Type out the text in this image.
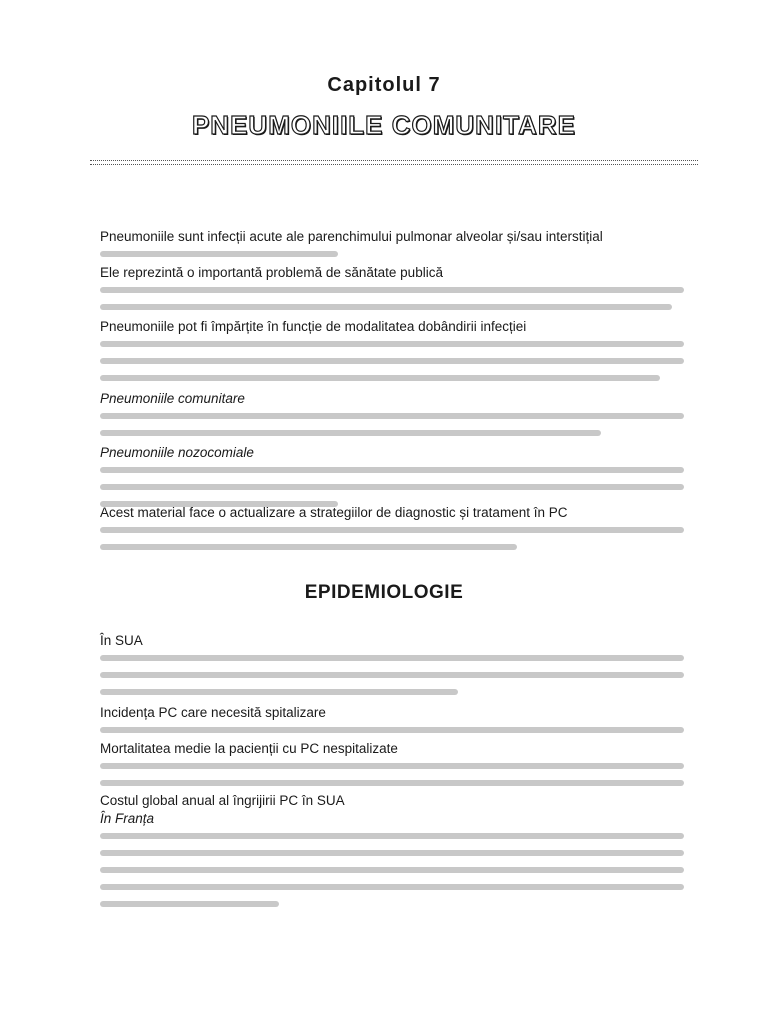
Capitolul 7
PNEUMONIILE COMUNITARE
Pneumoniile sunt infecții acute ale parenchimului pulmonar alveolar și/sau interstițial
Ele reprezintă o importantă problemă de sănătate publică
Pneumoniile pot fi împărțite în funcție de modalitatea dobândirii infecției
Pneumoniile comunitare
Pneumoniile nozocomiale
Acest material face o actualizare a strategiilor de diagnostic și tratament în PC
EPIDEMIOLOGIE
În SUA
Incidența PC care necesită spitalizare
Mortalitatea medie la pacienții cu PC nespitalizate
Costul global anual al îngrijirii PC în SUA
În Franța
